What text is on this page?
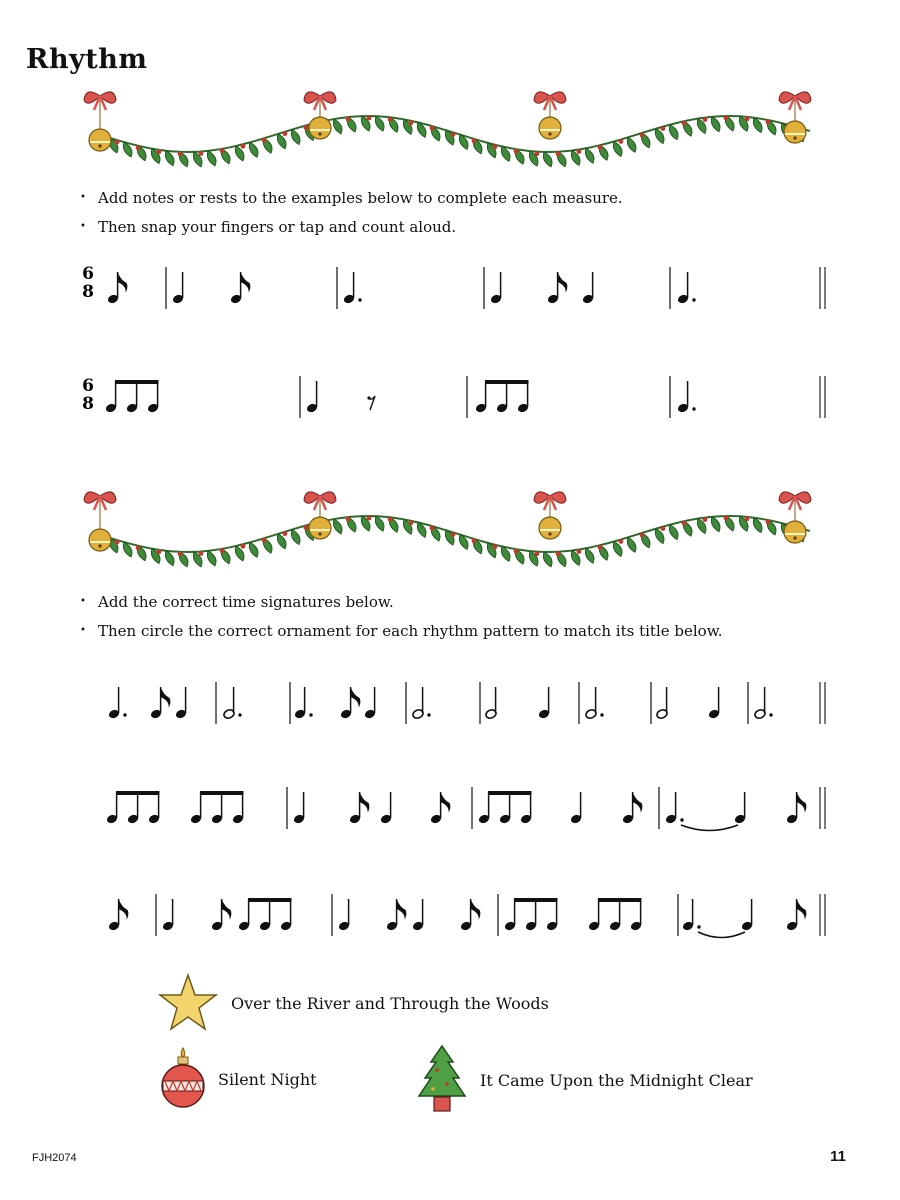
Rhythm
• Add notes or rests to the examples below to complete each measure.
• Then snap your fingers or tap and count aloud.
• Add the correct time signatures below.
• Then circle the correct ornament for each rhythm pattern to match its title below.
6
8
6
8
Over the River and Through the Woods
Silent Night	It Came Upon the Midnight Clear
FJH2074	11
